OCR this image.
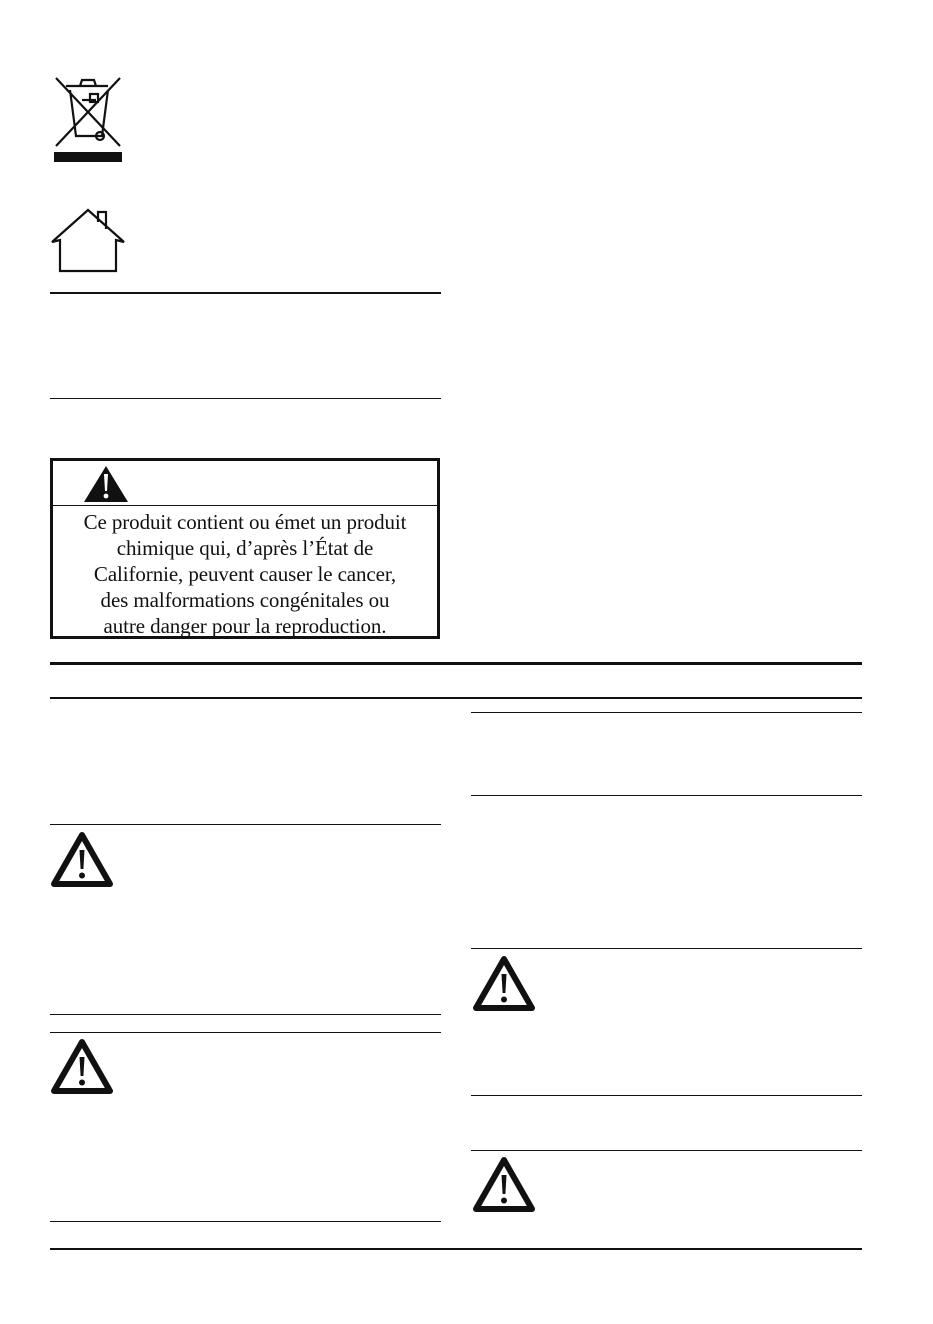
Ce produit contient ou émet un produit
chimique qui, d’après l’État de
Californie, peuvent causer le cancer,
des malformations congénitales ou
autre danger pour la reproduction.
